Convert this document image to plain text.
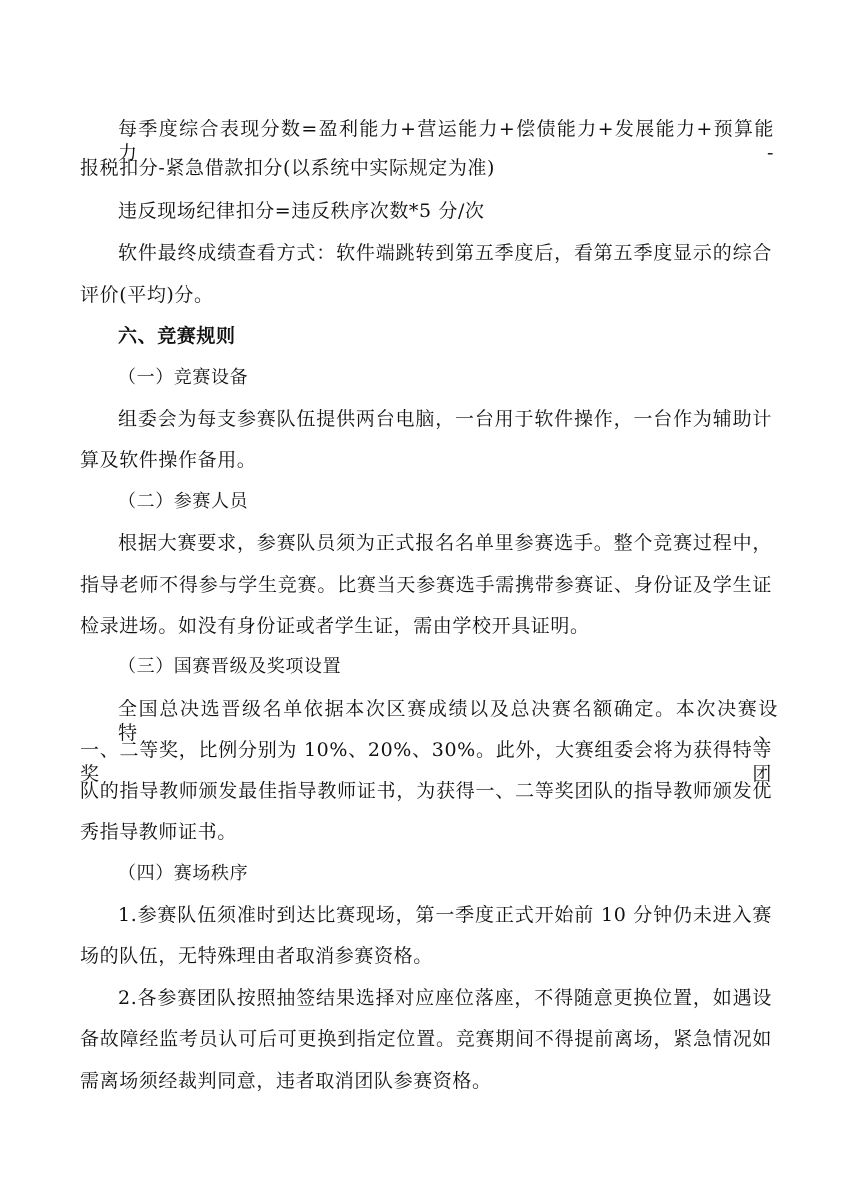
每季度综合表现分数=盈利能力+营运能力+偿债能力+发展能力+预算能力-
报税扣分-紧急借款扣分(以系统中实际规定为准)
违反现场纪律扣分=违反秩序次数*5 分/次
软件最终成绩查看方式：软件端跳转到第五季度后，看第五季度显示的综合
评价(平均)分。
六、竞赛规则
（一）竞赛设备
组委会为每支参赛队伍提供两台电脑，一台用于软件操作，一台作为辅助计
算及软件操作备用。
（二）参赛人员
根据大赛要求，参赛队员须为正式报名名单里参赛选手。整个竞赛过程中，
指导老师不得参与学生竞赛。比赛当天参赛选手需携带参赛证、身份证及学生证
检录进场。如没有身份证或者学生证，需由学校开具证明。
（三）国赛晋级及奖项设置
全国总决选晋级名单依据本次区赛成绩以及总决赛名额确定。本次决赛设特、
一、二等奖，比例分别为 10%、20%、30%。此外，大赛组委会将为获得特等奖团
队的指导教师颁发最佳指导教师证书，为获得一、二等奖团队的指导教师颁发优
秀指导教师证书。
（四）赛场秩序
1.参赛队伍须准时到达比赛现场，第一季度正式开始前 10 分钟仍未进入赛
场的队伍，无特殊理由者取消参赛资格。
2.各参赛团队按照抽签结果选择对应座位落座，不得随意更换位置，如遇设
备故障经监考员认可后可更换到指定位置。竞赛期间不得提前离场，紧急情况如
需离场须经裁判同意，违者取消团队参赛资格。
